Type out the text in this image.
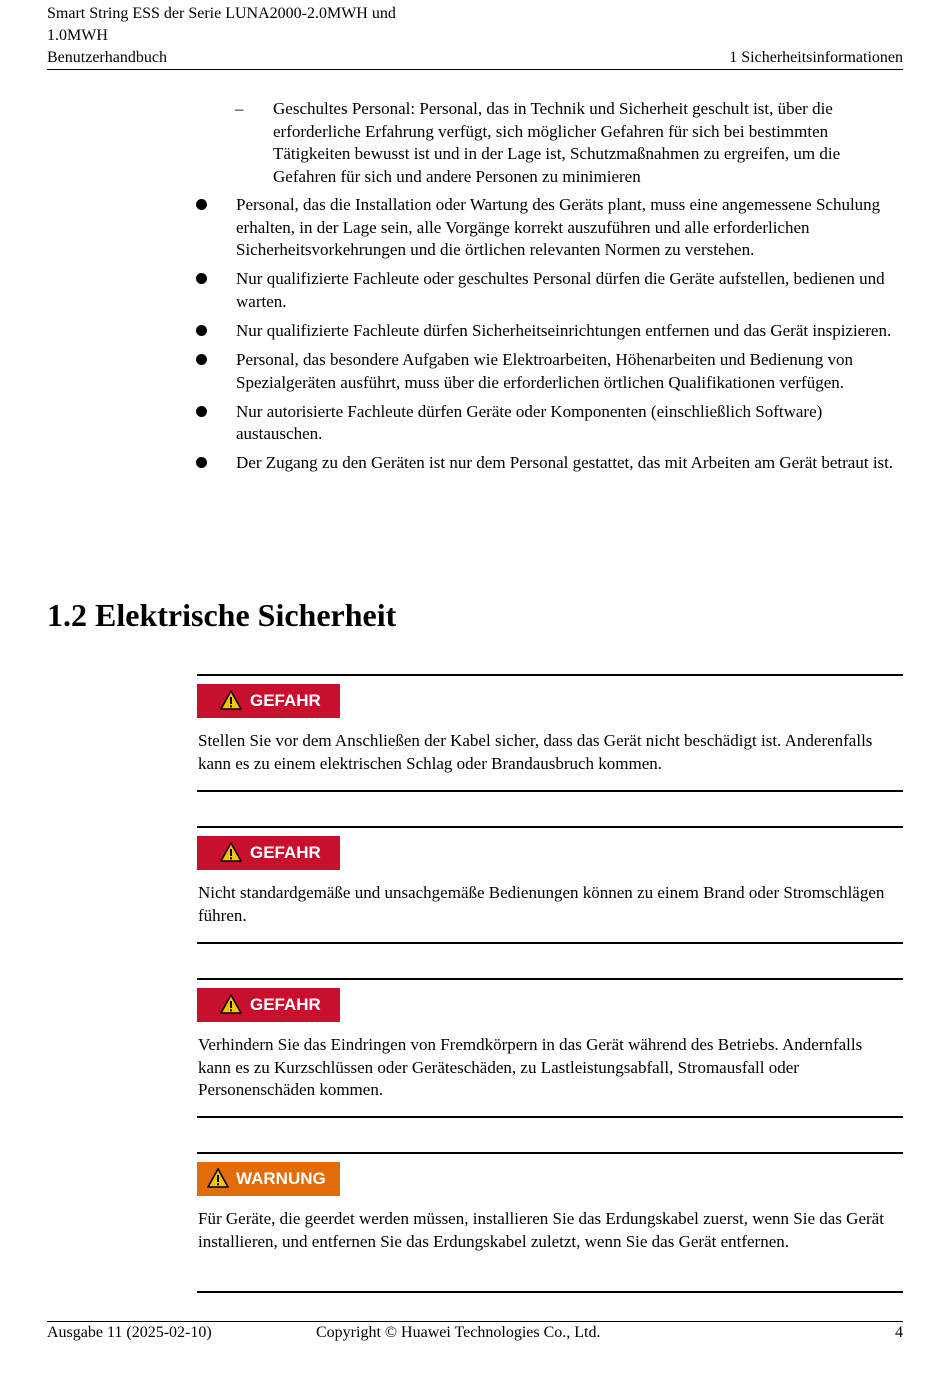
Smart String ESS der Serie LUNA2000-2.0MWH und
1.0MWH
Benutzerhandbuch	1 Sicherheitsinformationen
– Geschultes Personal: Personal, das in Technik und Sicherheit geschult ist, über die erforderliche Erfahrung verfügt, sich möglicher Gefahren für sich bei bestimmten Tätigkeiten bewusst ist und in der Lage ist, Schutzmaßnahmen zu ergreifen, um die Gefahren für sich und andere Personen zu minimieren
Personal, das die Installation oder Wartung des Geräts plant, muss eine angemessene Schulung erhalten, in der Lage sein, alle Vorgänge korrekt auszuführen und alle erforderlichen Sicherheitsvorkehrungen und die örtlichen relevanten Normen zu verstehen.
Nur qualifizierte Fachleute oder geschultes Personal dürfen die Geräte aufstellen, bedienen und warten.
Nur qualifizierte Fachleute dürfen Sicherheitseinrichtungen entfernen und das Gerät inspizieren.
Personal, das besondere Aufgaben wie Elektroarbeiten, Höhenarbeiten und Bedienung von Spezialgeräten ausführt, muss über die erforderlichen örtlichen Qualifikationen verfügen.
Nur autorisierte Fachleute dürfen Geräte oder Komponenten (einschließlich Software) austauschen.
Der Zugang zu den Geräten ist nur dem Personal gestattet, das mit Arbeiten am Gerät betraut ist.
1.2 Elektrische Sicherheit
GEFAHR
Stellen Sie vor dem Anschließen der Kabel sicher, dass das Gerät nicht beschädigt ist. Anderenfalls kann es zu einem elektrischen Schlag oder Brandausbruch kommen.
GEFAHR
Nicht standardgemäße und unsachgemäße Bedienungen können zu einem Brand oder Stromschlägen führen.
GEFAHR
Verhindern Sie das Eindringen von Fremdkörpern in das Gerät während des Betriebs. Andernfalls kann es zu Kurzschlüssen oder Geräteschäden, zu Lastleistungsabfall, Stromausfall oder Personenschäden kommen.
WARNUNG
Für Geräte, die geerdet werden müssen, installieren Sie das Erdungskabel zuerst, wenn Sie das Gerät installieren, und entfernen Sie das Erdungskabel zuletzt, wenn Sie das Gerät entfernen.
Ausgabe 11 (2025-02-10)	Copyright © Huawei Technologies Co., Ltd.	4
